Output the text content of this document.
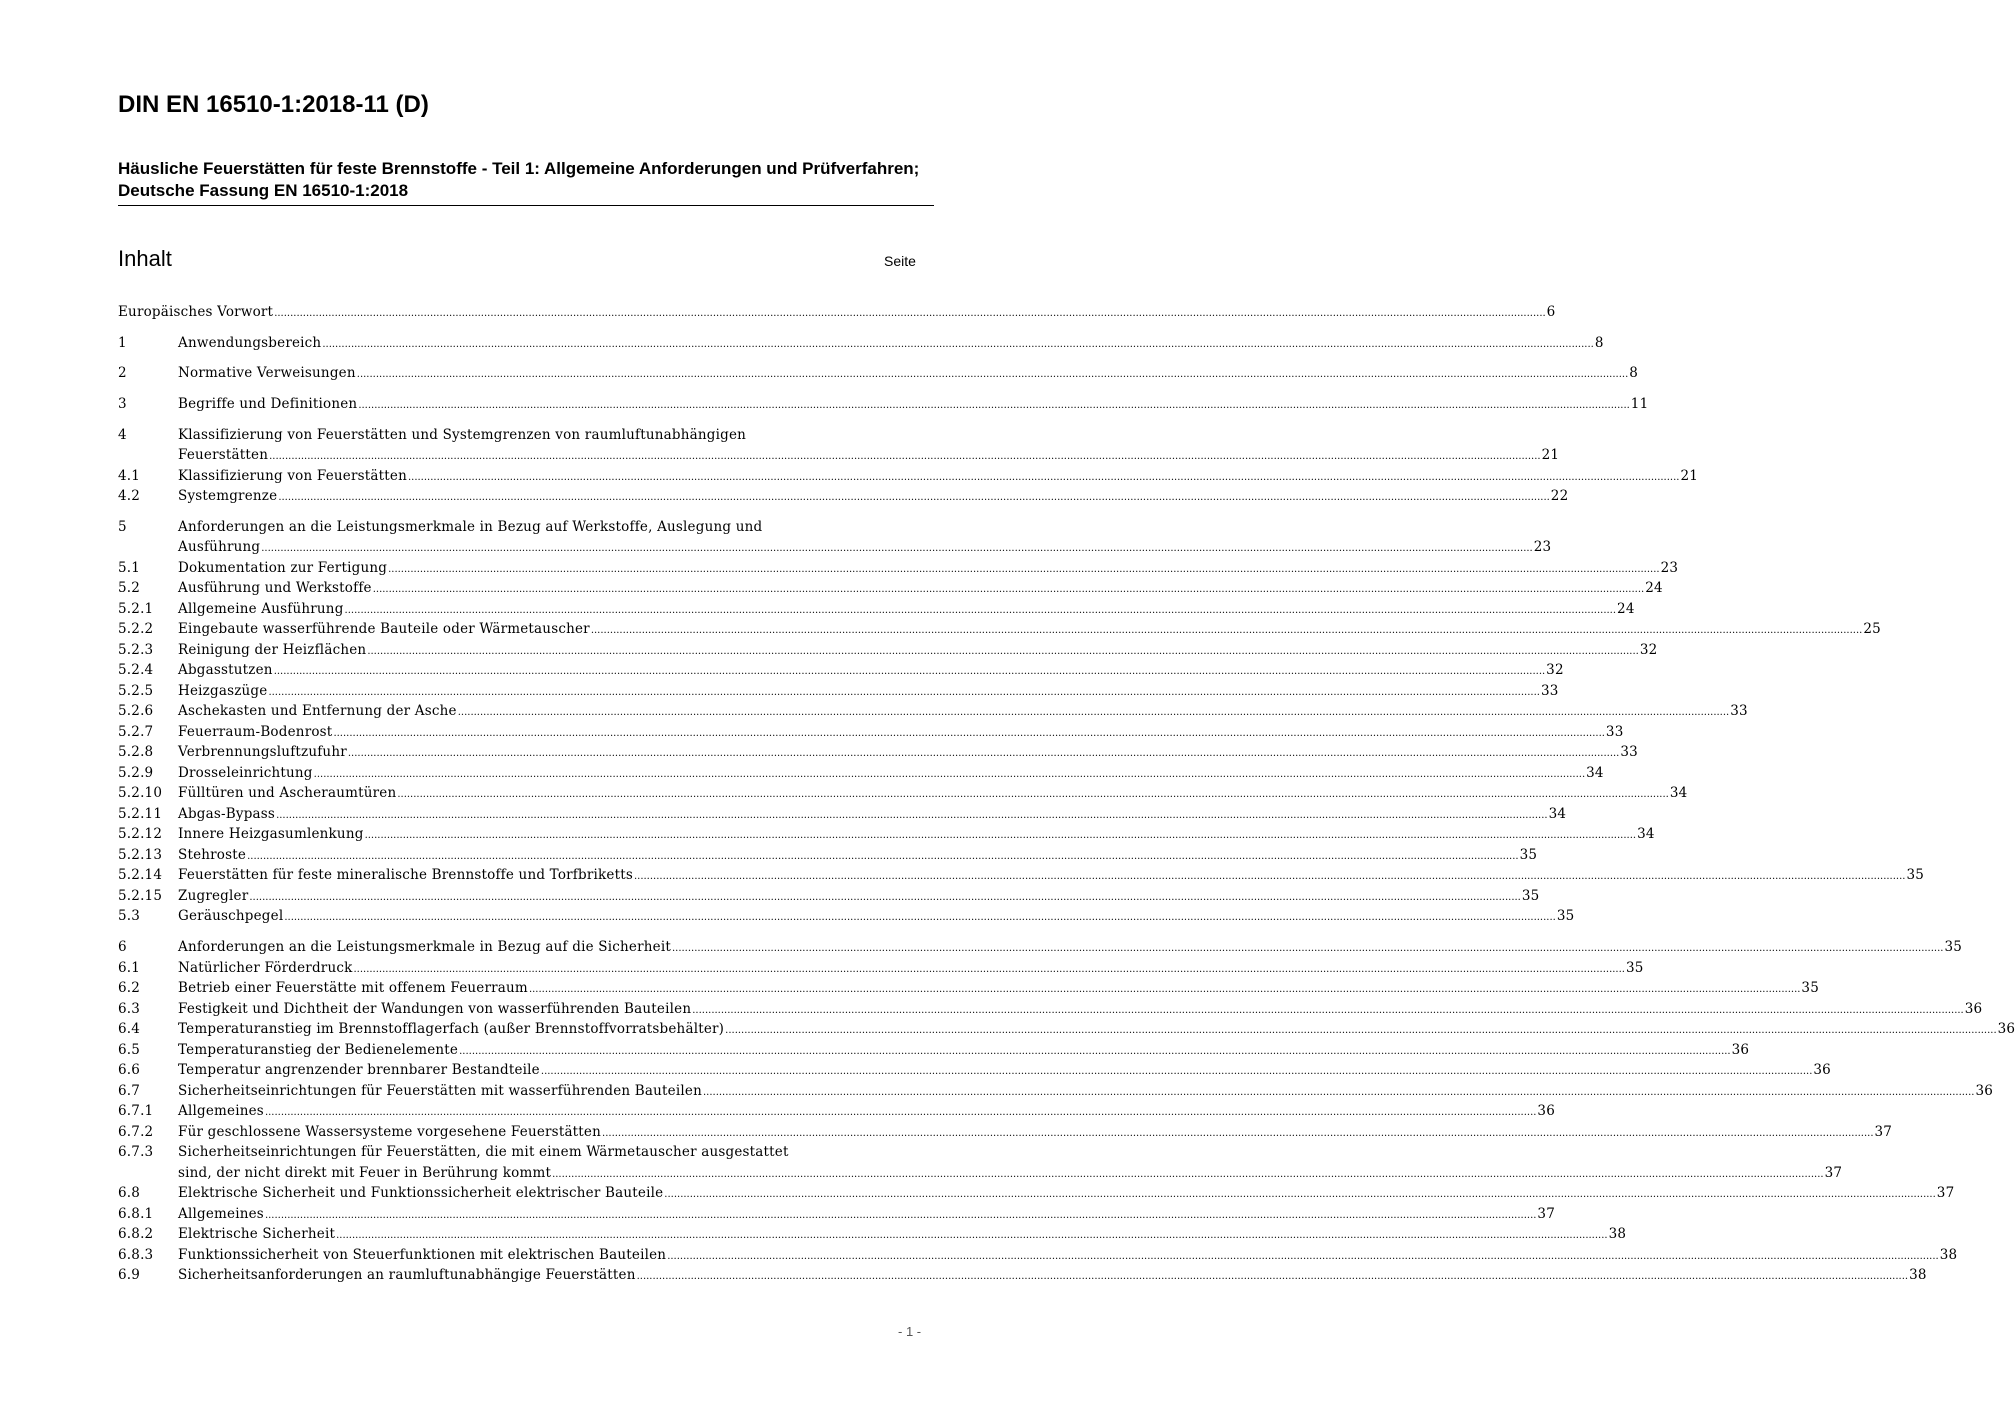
DIN EN 16510-1:2018-11 (D)
Häusliche Feuerstätten für feste Brennstoffe - Teil 1: Allgemeine Anforderungen und Prüfverfahren; Deutsche Fassung EN 16510-1:2018
Inhalt	Seite
Europäisches Vorwort ................................................................................................................................................................................................................................................................................................................................................................................................................ 6
1	Anwendungsbereich ................................................................................................................................................................................................................................................................................................................................................................................................................ 8
2	Normative Verweisungen ................................................................................................................................................................................................................................................................................................................................................................................................................ 8
3	Begriffe und Definitionen ................................................................................................................................................................................................................................................................................................................................................................................................................ 11
4	Klassifizierung von Feuerstätten und Systemgrenzen von raumluftunabhängigen
Feuerstätten ................................................................................................................................................................................................................................................................................................................................................................................................................ 21
4.1	Klassifizierung von Feuerstätten ................................................................................................................................................................................................................................................................................................................................................................................................................ 21
4.2	Systemgrenze ................................................................................................................................................................................................................................................................................................................................................................................................................ 22
5	Anforderungen an die Leistungsmerkmale in Bezug auf Werkstoffe, Auslegung und
Ausführung ................................................................................................................................................................................................................................................................................................................................................................................................................ 23
5.1	Dokumentation zur Fertigung ................................................................................................................................................................................................................................................................................................................................................................................................................ 23
5.2	Ausführung und Werkstoffe ................................................................................................................................................................................................................................................................................................................................................................................................................ 24
5.2.1 Allgemeine Ausführung ................................................................................................................................................................................................................................................................................................................................................................................................................ 24
5.2.2 Eingebaute wasserführende Bauteile oder Wärmetauscher ................................................................................................................................................................................................................................................................................................................................................................................................................ 25
5.2.3 Reinigung der Heizflächen ................................................................................................................................................................................................................................................................................................................................................................................................................ 32
5.2.4 Abgasstutzen ................................................................................................................................................................................................................................................................................................................................................................................................................ 32
5.2.5 Heizgaszüge ................................................................................................................................................................................................................................................................................................................................................................................................................ 33
5.2.6 Aschekasten und Entfernung der Asche ................................................................................................................................................................................................................................................................................................................................................................................................................ 33
5.2.7 Feuerraum-Bodenrost ................................................................................................................................................................................................................................................................................................................................................................................................................ 33
5.2.8 Verbrennungsluftzufuhr ................................................................................................................................................................................................................................................................................................................................................................................................................ 33
5.2.9 Drosseleinrichtung ................................................................................................................................................................................................................................................................................................................................................................................................................ 34
5.2.10 Fülltüren und Ascheraumtüren ................................................................................................................................................................................................................................................................................................................................................................................................................ 34
5.2.11 Abgas-Bypass ................................................................................................................................................................................................................................................................................................................................................................................................................ 34
5.2.12 Innere Heizgasumlenkung ................................................................................................................................................................................................................................................................................................................................................................................................................ 34
5.2.13 Stehroste ................................................................................................................................................................................................................................................................................................................................................................................................................ 35
5.2.14 Feuerstätten für feste mineralische Brennstoffe und Torfbriketts ................................................................................................................................................................................................................................................................................................................................................................................................................ 35
5.2.15 Zugregler ................................................................................................................................................................................................................................................................................................................................................................................................................ 35
5.3	Geräuschpegel ................................................................................................................................................................................................................................................................................................................................................................................................................ 35
6	Anforderungen an die Leistungsmerkmale in Bezug auf die Sicherheit ................................................................................................................................................................................................................................................................................................................................................................................................................ 35
6.1	Natürlicher Förderdruck ................................................................................................................................................................................................................................................................................................................................................................................................................ 35
6.2	Betrieb einer Feuerstätte mit offenem Feuerraum ................................................................................................................................................................................................................................................................................................................................................................................................................ 35
6.3	Festigkeit und Dichtheit der Wandungen von wasserführenden Bauteilen ................................................................................................................................................................................................................................................................................................................................................................................................................ 36
6.4	Temperaturanstieg im Brennstofflagerfach (außer Brennstoffvorratsbehälter) ................................................................................................................................................................................................................................................................................................................................................................................................................ 36
6.5	Temperaturanstieg der Bedienelemente ................................................................................................................................................................................................................................................................................................................................................................................................................ 36
6.6	Temperatur angrenzender brennbarer Bestandteile ................................................................................................................................................................................................................................................................................................................................................................................................................ 36
6.7	Sicherheitseinrichtungen für Feuerstätten mit wasserführenden Bauteilen ................................................................................................................................................................................................................................................................................................................................................................................................................ 36
6.7.1 Allgemeines ................................................................................................................................................................................................................................................................................................................................................................................................................ 36
6.7.2 Für geschlossene Wassersysteme vorgesehene Feuerstätten ................................................................................................................................................................................................................................................................................................................................................................................................................ 37
6.7.3 Sicherheitseinrichtungen für Feuerstätten, die mit einem Wärmetauscher ausgestattet
sind, der nicht direkt mit Feuer in Berührung kommt ................................................................................................................................................................................................................................................................................................................................................................................................................ 37
6.8	Elektrische Sicherheit und Funktionssicherheit elektrischer Bauteile ................................................................................................................................................................................................................................................................................................................................................................................................................ 37
6.8.1 Allgemeines ................................................................................................................................................................................................................................................................................................................................................................................................................ 37
6.8.2 Elektrische Sicherheit ................................................................................................................................................................................................................................................................................................................................................................................................................ 38
6.8.3 Funktionssicherheit von Steuerfunktionen mit elektrischen Bauteilen ................................................................................................................................................................................................................................................................................................................................................................................................................ 38
6.9	Sicherheitsanforderungen an raumluftunabhängige Feuerstätten ................................................................................................................................................................................................................................................................................................................................................................................................................ 38
- 1 -
